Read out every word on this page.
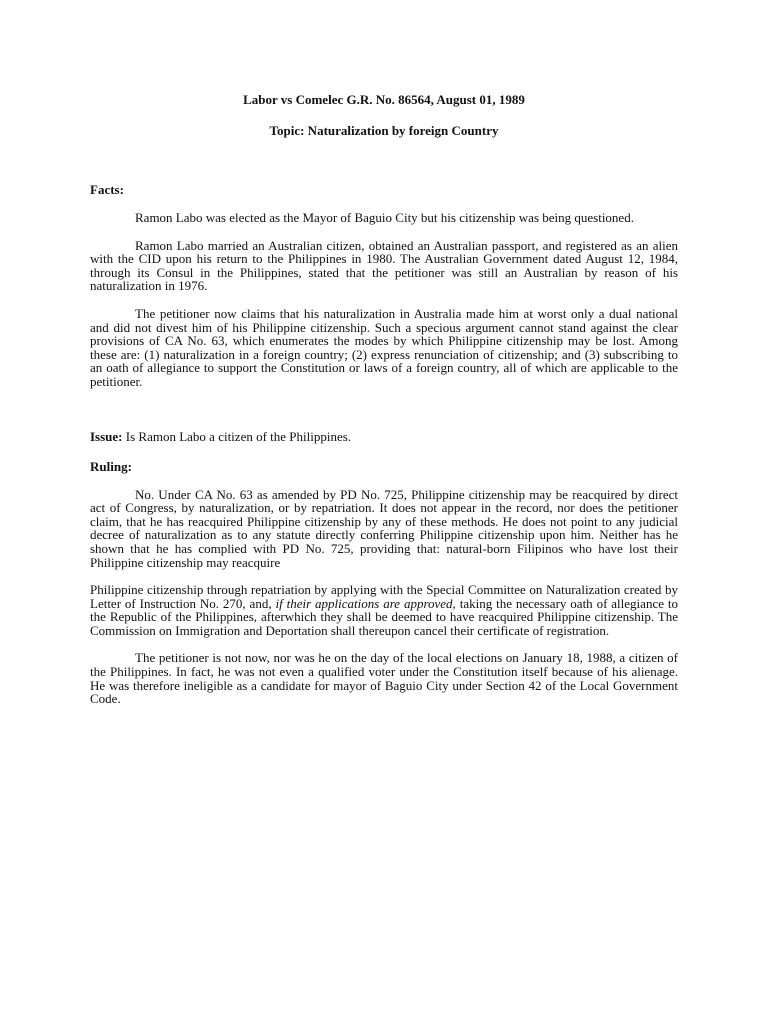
Labor vs Comelec G.R. No. 86564, August 01, 1989

Topic: Naturalization by foreign Country

Facts:

Ramon Labo was elected as the Mayor of Baguio City but his citizenship was being questioned.

Ramon Labo married an Australian citizen, obtained an Australian passport, and registered as an alien with the CID upon his return to the Philippines in 1980. The Australian Government dated August 12, 1984, through its Consul in the Philippines, stated that the petitioner was still an Australian by reason of his naturalization in 1976.

The petitioner now claims that his naturalization in Australia made him at worst only a dual national and did not divest him of his Philippine citizenship. Such a specious argument cannot stand against the clear provisions of CA No. 63, which enumerates the modes by which Philippine citizenship may be lost. Among these are: (1) naturalization in a foreign country; (2) express renunciation of citizenship; and (3) subscribing to an oath of allegiance to support the Constitution or laws of a foreign country, all of which are applicable to the petitioner.

Issue: Is Ramon Labo a citizen of the Philippines.

Ruling:

No. Under CA No. 63 as amended by PD No. 725, Philippine citizenship may be reacquired by direct act of Congress, by naturalization, or by repatriation. It does not appear in the record, nor does the petitioner claim, that he has reacquired Philippine citizenship by any of these methods. He does not point to any judicial decree of naturalization as to any statute directly conferring Philippine citizenship upon him. Neither has he shown that he has complied with PD No. 725, providing that: natural-born Filipinos who have lost their Philippine citizenship may reacquire

Philippine citizenship through repatriation by applying with the Special Committee on Naturalization created by Letter of Instruction No. 270, and, if their applications are approved, taking the necessary oath of allegiance to the Republic of the Philippines, afterwhich they shall be deemed to have reacquired Philippine citizenship. The Commission on Immigration and Deportation shall thereupon cancel their certificate of registration.

The petitioner is not now, nor was he on the day of the local elections on January 18, 1988, a citizen of the Philippines. In fact, he was not even a qualified voter under the Constitution itself because of his alienage. He was therefore ineligible as a candidate for mayor of Baguio City under Section 42 of the Local Government Code.
